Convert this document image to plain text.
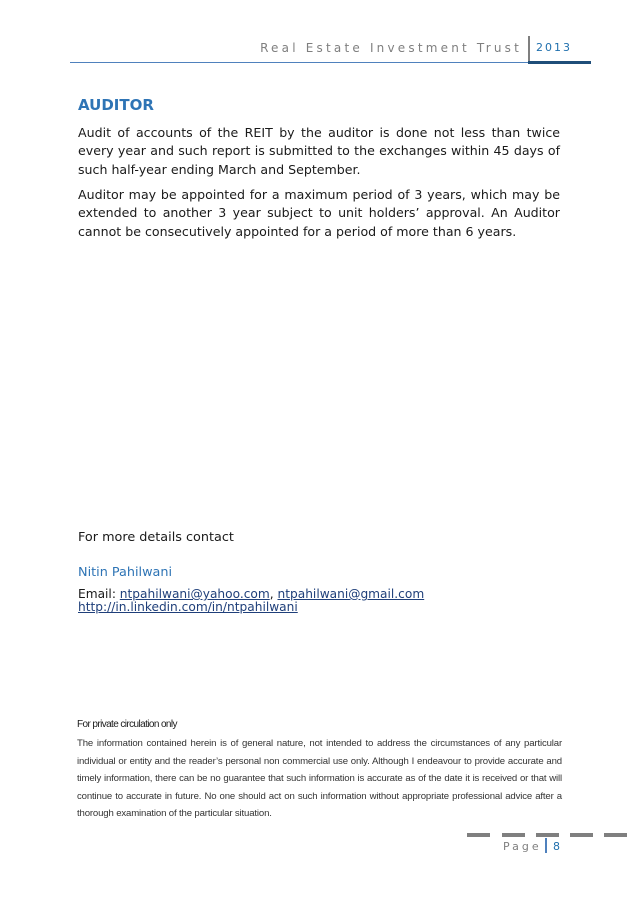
Real Estate Investment Trust 2013
AUDITOR

Audit of accounts of the REIT by the auditor is done not less than twice every year and such report is submitted to the exchanges within 45 days of such half-year ending March and September.

Auditor may be appointed for a maximum period of 3 years, which may be extended to another 3 year subject to unit holders’ approval. An Auditor cannot be consecutively appointed for a period of more than 6 years.

For more details contact

Nitin Pahilwani

Email: ntpahilwani@yahoo.com, ntpahilwani@gmail.com

http://in.linkedin.com/in/ntpahilwani

For private circulation only

The information contained herein is of general nature, not intended to address the circumstances of any particular individual or entity and the reader’s personal non commercial use only. Although I endeavour to provide accurate and timely information, there can be no guarantee that such information is accurate as of the date it is received or that will continue to accurate in future. No one should act on such information without appropriate professional advice after a thorough examination of the particular situation.

Page 8
